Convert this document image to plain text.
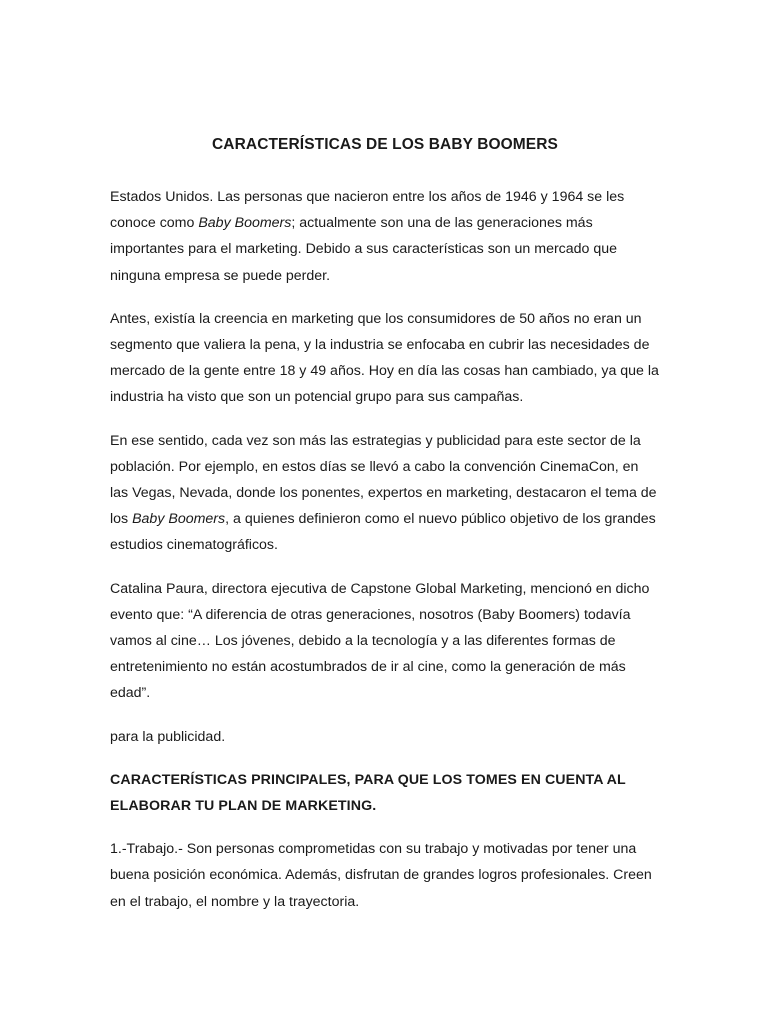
CARACTERÍSTICAS DE LOS BABY BOOMERS

Estados Unidos. Las personas que nacieron entre los años de 1946 y 1964 se les conoce como Baby Boomers; actualmente son una de las generaciones más importantes para el marketing. Debido a sus características son un mercado que ninguna empresa se puede perder.

Antes, existía la creencia en marketing que los consumidores de 50 años no eran un segmento que valiera la pena, y la industria se enfocaba en cubrir las necesidades de mercado de la gente entre 18 y 49 años. Hoy en día las cosas han cambiado, ya que la industria ha visto que son un potencial grupo para sus campañas.

En ese sentido, cada vez son más las estrategias y publicidad para este sector de la población. Por ejemplo, en estos días se llevó a cabo la convención CinemaCon, en las Vegas, Nevada, donde los ponentes, expertos en marketing, destacaron el tema de los Baby Boomers, a quienes definieron como el nuevo público objetivo de los grandes estudios cinematográficos.

Catalina Paura, directora ejecutiva de Capstone Global Marketing, mencionó en dicho evento que: “A diferencia de otras generaciones, nosotros (Baby Boomers) todavía vamos al cine… Los jóvenes, debido a la tecnología y a las diferentes formas de entretenimiento no están acostumbrados de ir al cine, como la generación de más edad”.

para la publicidad.

CARACTERÍSTICAS PRINCIPALES, PARA QUE LOS TOMES EN CUENTA AL ELABORAR TU PLAN DE MARKETING.

1.-Trabajo.- Son personas comprometidas con su trabajo y motivadas por tener una buena posición económica. Además, disfrutan de grandes logros profesionales. Creen en el trabajo, el nombre y la trayectoria.
